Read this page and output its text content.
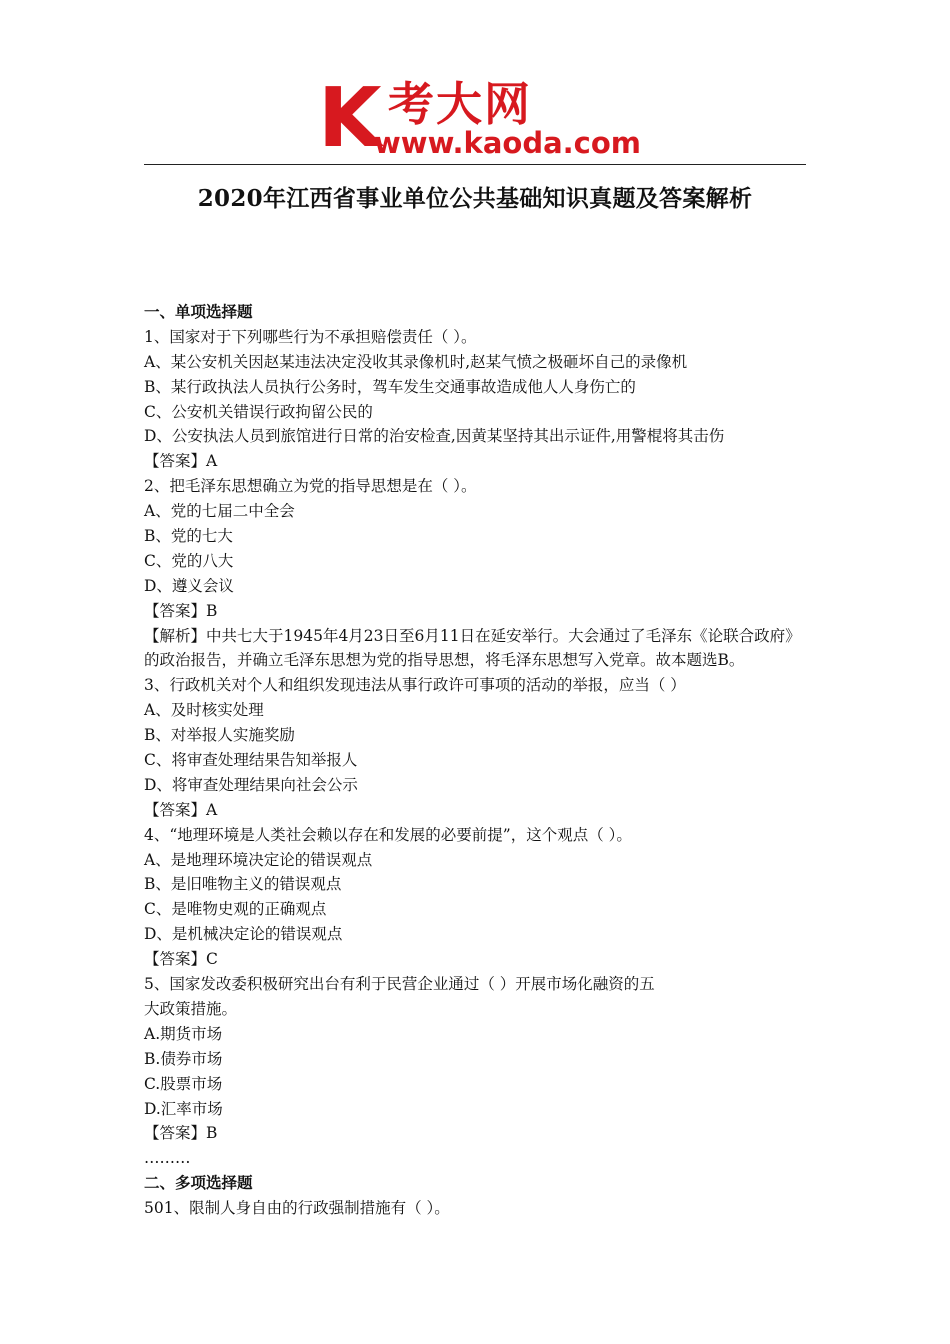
K 考大网
www.kaoda.com
2020年江西省事业单位公共基础知识真题及答案解析
一、单项选择题
1、国家对于下列哪些行为不承担赔偿责任（ ）。
A、某公安机关因赵某违法决定没收其录像机时,赵某气愤之极砸坏自己的录像机
B、某行政执法人员执行公务时，驾车发生交通事故造成他人人身伤亡的
C、公安机关错误行政拘留公民的
D、公安执法人员到旅馆进行日常的治安检查,因黄某坚持其出示证件,用警棍将其击伤
【答案】A
2、把毛泽东思想确立为党的指导思想是在（ ）。
A、党的七届二中全会
B、党的七大
C、党的八大
D、遵义会议
【答案】B
【解析】中共七大于1945年4月23日至6月11日在延安举行。大会通过了毛泽东《论联合政府》
的政治报告，并确立毛泽东思想为党的指导思想，将毛泽东思想写入党章。故本题选B。
3、行政机关对个人和组织发现违法从事行政许可事项的活动的举报，应当（ ）
A、及时核实处理
B、对举报人实施奖励
C、将审查处理结果告知举报人
D、将审查处理结果向社会公示
【答案】A
4、“地理环境是人类社会赖以存在和发展的必要前提”，这个观点（ ）。
A、是地理环境决定论的错误观点
B、是旧唯物主义的错误观点
C、是唯物史观的正确观点
D、是机械决定论的错误观点
【答案】C
5、国家发改委积极研究出台有利于民营企业通过（ ）开展市场化融资的五
大政策措施。
A.期货市场
B.债券市场
C.股票市场
D.汇率市场
【答案】B
………
二、多项选择题
501、限制人身自由的行政强制措施有（ ）。
